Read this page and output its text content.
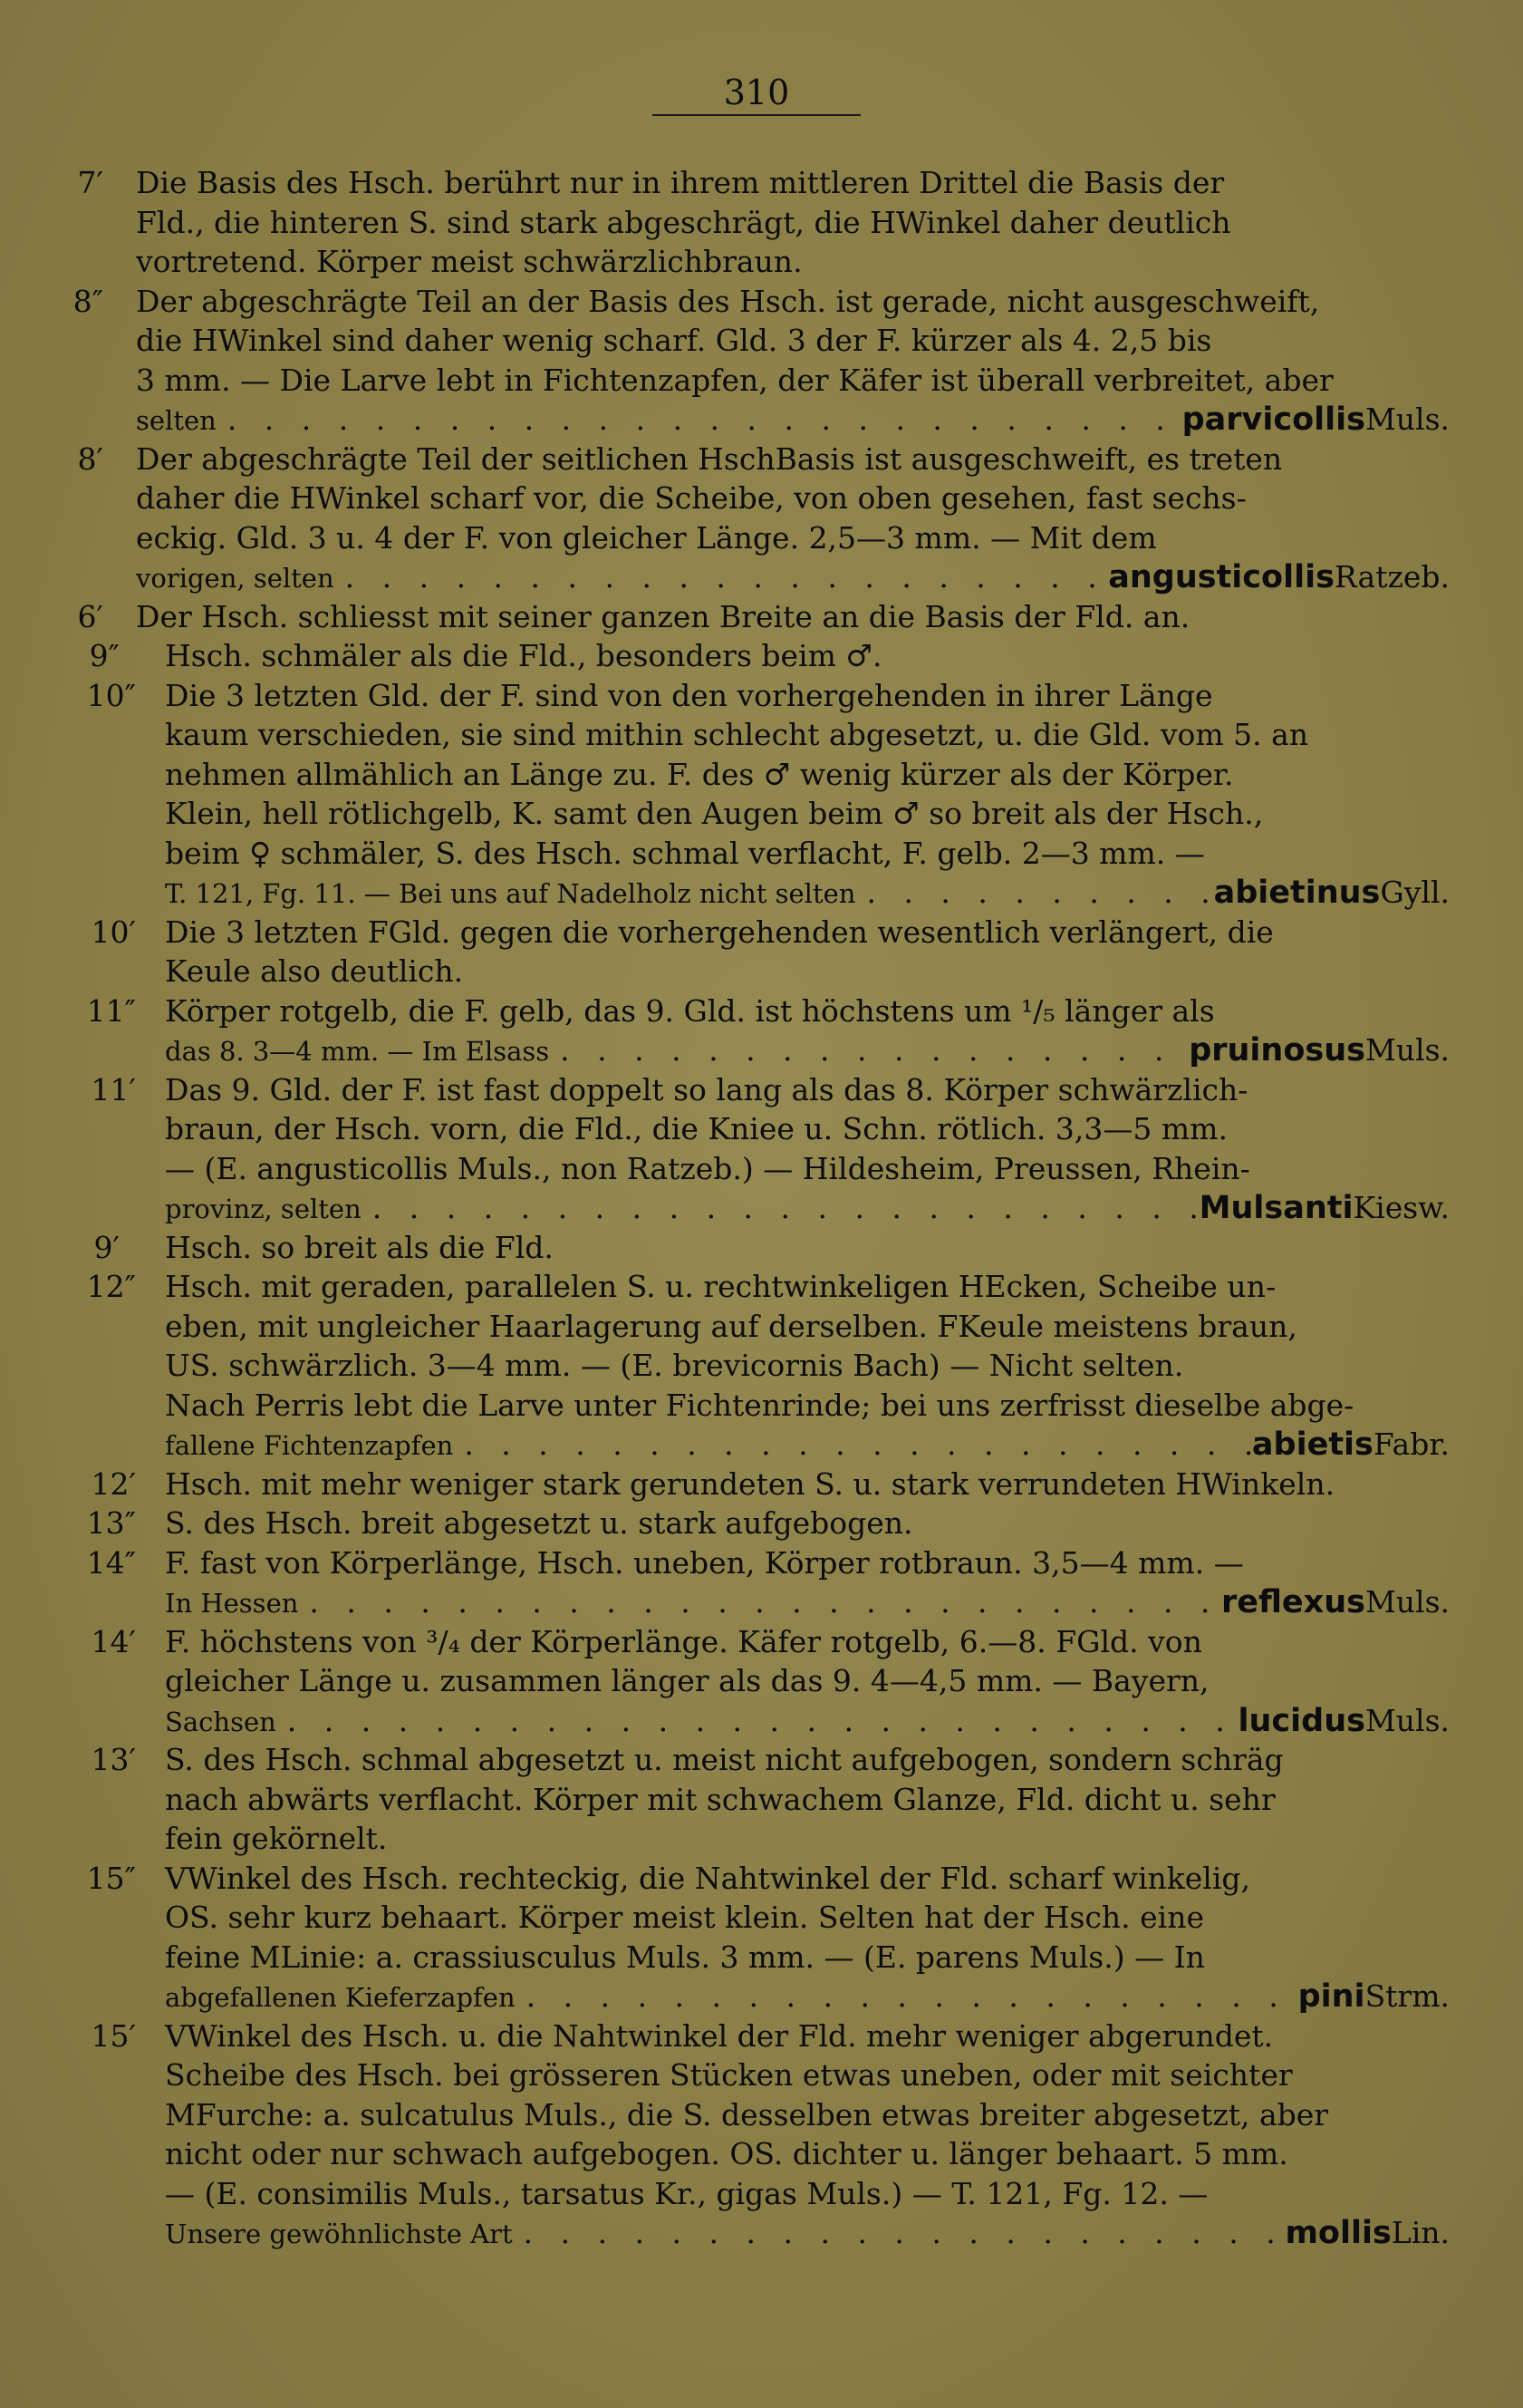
310
7′ Die Basis des Hsch. berührt nur in ihrem mittleren Drittel die Basis der
Fld., die hinteren S. sind stark abgeschrägt, die HWinkel daher deutlich
vortretend. Körper meist schwärzlichbraun.
8″ Der abgeschrägte Teil an der Basis des Hsch. ist gerade, nicht ausgeschweift,
die HWinkel sind daher wenig scharf. Gld. 3 der F. kürzer als 4. 2,5 bis
3 mm. — Die Larve lebt in Fichtenzapfen, der Käfer ist überall verbreitet, aber
selten . . .	parvicollis Muls.
8′ Der abgeschrägte Teil der seitlichen HschBasis ist ausgeschweift, es treten
daher die HWinkel scharf vor, die Scheibe, von oben gesehen, fast sechs-
eckig. Gld. 3 u. 4 der F. von gleicher Länge. 2,5—3 mm. — Mit dem
vorigen, selten . . .	angusticollis Ratzeb.
6′ Der Hsch. schliesst mit seiner ganzen Breite an die Basis der Fld. an.
9″ Hsch. schmäler als die Fld., besonders beim ♂.
10″ Die 3 letzten Gld. der F. sind von den vorhergehenden in ihrer Länge
kaum verschieden, sie sind mithin schlecht abgesetzt, u. die Gld. vom 5. an
nehmen allmählich an Länge zu. F. des ♂ wenig kürzer als der Körper.
Klein, hell rötlichgelb, K. samt den Augen beim ♂ so breit als der Hsch.,
beim ♀ schmäler, S. des Hsch. schmal verflacht, F. gelb. 2—3 mm. —
T. 121, Fg. 11. — Bei uns auf Nadelholz nicht selten . . .	abietinus Gyll.
10′ Die 3 letzten FGld. gegen die vorhergehenden wesentlich verlängert, die
Keule also deutlich.
11″ Körper rotgelb, die F. gelb, das 9. Gld. ist höchstens um ¹/₅ länger als
das 8. 3—4 mm. — Im Elsass . . .	pruinosus Muls.
11′ Das 9. Gld. der F. ist fast doppelt so lang als das 8. Körper schwärzlich-
braun, der Hsch. vorn, die Fld., die Kniee u. Schn. rötlich. 3,3—5 mm.
— (E. angusticollis Muls., non Ratzeb.) — Hildesheim, Preussen, Rhein-
provinz, selten . . .	Mulsanti Kiesw.
9′ Hsch. so breit als die Fld.
12″ Hsch. mit geraden, parallelen S. u. rechtwinkeligen HEcken, Scheibe un-
eben, mit ungleicher Haarlagerung auf derselben. FKeule meistens braun,
US. schwärzlich. 3—4 mm. — (E. brevicornis Bach) — Nicht selten.
Nach Perris lebt die Larve unter Fichtenrinde; bei uns zerfrisst dieselbe abge-
fallene Fichtenzapfen . . .	abietis Fabr.
12′ Hsch. mit mehr weniger stark gerundeten S. u. stark verrundeten HWinkeln.
13″ S. des Hsch. breit abgesetzt u. stark aufgebogen.
14″ F. fast von Körperlänge, Hsch. uneben, Körper rotbraun. 3,5—4 mm. —
In Hessen . . .	reflexus Muls.
14′ F. höchstens von ³/₄ der Körperlänge. Käfer rotgelb, 6.—8. FGld. von
gleicher Länge u. zusammen länger als das 9. 4—4,5 mm. — Bayern,
Sachsen . . .	lucidus Muls.
13′ S. des Hsch. schmal abgesetzt u. meist nicht aufgebogen, sondern schräg
nach abwärts verflacht. Körper mit schwachem Glanze, Fld. dicht u. sehr
fein gekörnelt.
15″ VWinkel des Hsch. rechteckig, die Nahtwinkel der Fld. scharf winkelig,
OS. sehr kurz behaart. Körper meist klein. Selten hat der Hsch. eine
feine MLinie: a. crassiusculus Muls. 3 mm. — (E. parens Muls.) — In
abgefallenen Kieferzapfen . . .	pini Strm.
15′ VWinkel des Hsch. u. die Nahtwinkel der Fld. mehr weniger abgerundet.
Scheibe des Hsch. bei grösseren Stücken etwas uneben, oder mit seichter
MFurche: a. sulcatulus Muls., die S. desselben etwas breiter abgesetzt, aber
nicht oder nur schwach aufgebogen. OS. dichter u. länger behaart. 5 mm.
— (E. consimilis Muls., tarsatus Kr., gigas Muls.) — T. 121, Fg. 12. —
Unsere gewöhnlichste Art . . .	mollis Lin.
